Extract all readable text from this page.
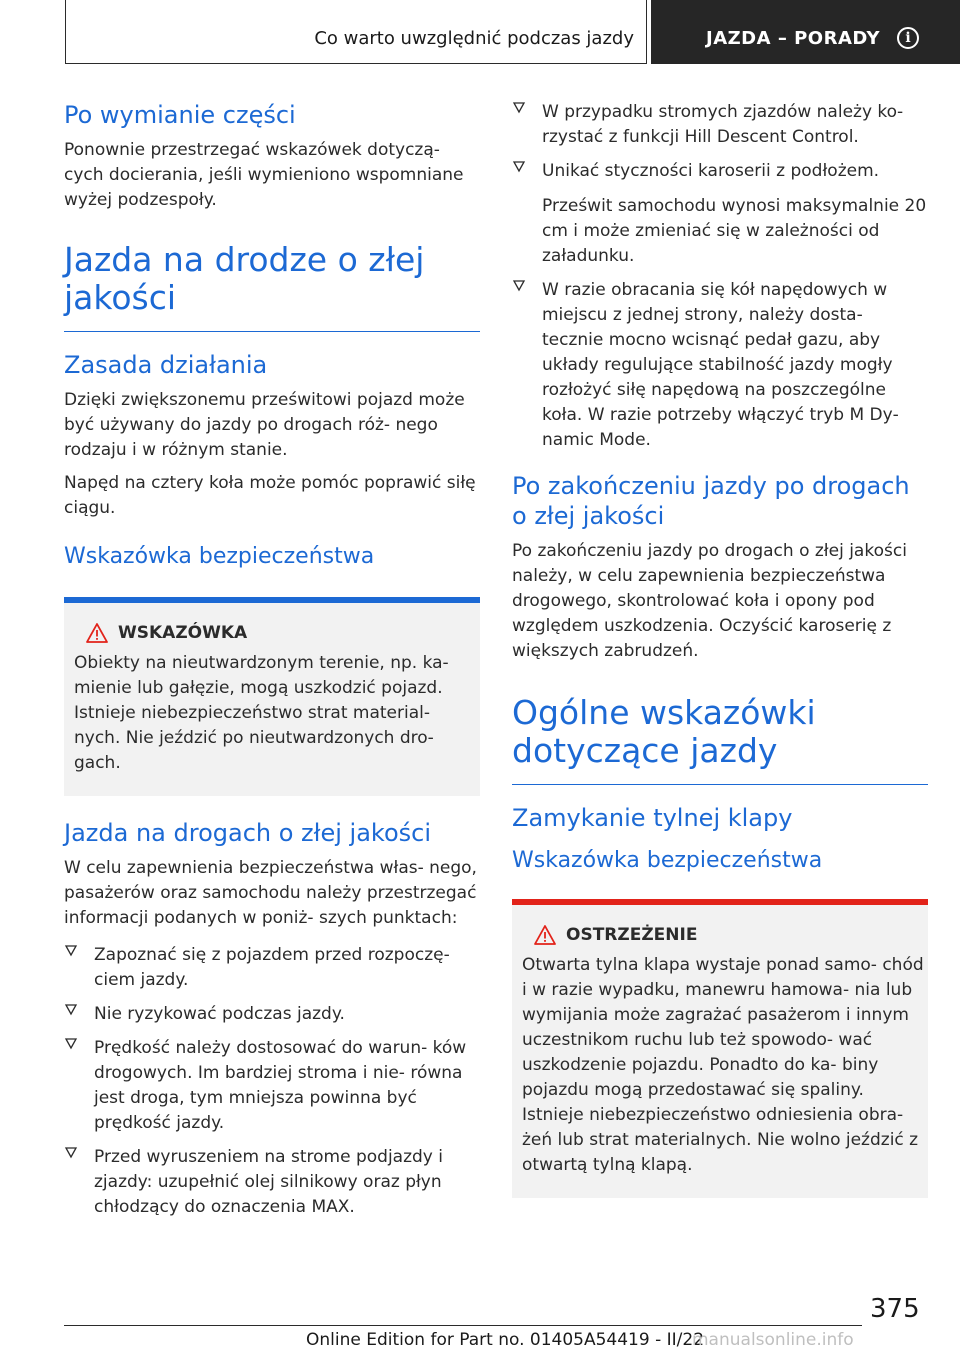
Co warto uwzględnić podczas jazdy	JAZDA – PORADY	i
Po wymianie części

Ponownie przestrzegać wskazówek dotyczą‐ cych docierania, jeśli wymieniono wspomniane wyżej podzespoły.

Jazda na drodze o złej jakości
Zasada działania

Dzięki zwiększonemu prześwitowi pojazd może być używany do jazdy po drogach róż‐ nego rodzaju i w różnym stanie.

Napęd na cztery koła może pomóc poprawić siłę ciągu.

Wskazówka bezpieczeństwa
WSKAZÓWKA

Obiekty na nieutwardzonym terenie, np. ka‐ mienie lub gałęzie, mogą uszkodzić pojazd. Istnieje niebezpieczeństwo strat material‐ nych. Nie jeździć po nieutwardzonych dro‐ gach.

Jazda na drogach o złej jakości

W celu zapewnienia bezpieczeństwa włas‐ nego, pasażerów oraz samochodu należy przestrzegać informacji podanych w poniż‐ szych punktach:

Zapoznać się z pojazdem przed rozpoczę‐ ciem jazdy.
Nie ryzykować podczas jazdy.
Prędkość należy dostosować do warun‐ ków drogowych. Im bardziej stroma i nie‐ równa jest droga, tym mniejsza powinna być prędkość jazdy.
Przed wyruszeniem na strome podjazdy i zjazdy: uzupełnić olej silnikowy oraz płyn chłodzący do oznaczenia MAX.
W przypadku stromych zjazdów należy ko‐ rzystać z funkcji Hill Descent Control.
Unikać styczności karoserii z podłożem.
Prześwit samochodu wynosi maksymalnie 20 cm i może zmieniać się w zależności od załadunku.
W razie obracania się kół napędowych w miejscu z jednej strony, należy dosta‐ tecznie mocno wcisnąć pedał gazu, aby układy regulujące stabilność jazdy mogły rozłożyć siłę napędową na poszczególne koła. W razie potrzeby włączyć tryb M Dy‐ namic Mode.
Po zakończeniu jazdy po drogach o złej jakości

Po zakończeniu jazdy po drogach o złej jakości należy, w celu zapewnienia bezpieczeństwa drogowego, skontrolować koła i opony pod względem uszkodzenia. Oczyścić karoserię z większych zabrudzeń.

Ogólne wskazówki dotyczące jazdy
Zamykanie tylnej klapy
Wskazówka bezpieczeństwa
OSTRZEŻENIE

Otwarta tylna klapa wystaje ponad samo‐ chód i w razie wypadku, manewru hamowa‐ nia lub wymijania może zagrażać pasażerom i innym uczestnikom ruchu lub też spowodo‐ wać uszkodzenie pojazdu. Ponadto do ka‐ biny pojazdu mogą przedostawać się spaliny. Istnieje niebezpieczeństwo odniesienia obra‐ żeń lub strat materialnych. Nie wolno jeździć z otwartą tylną klapą.

375
Online Edition for Part no. 01405A54419 - II/22
manualsonline.info
